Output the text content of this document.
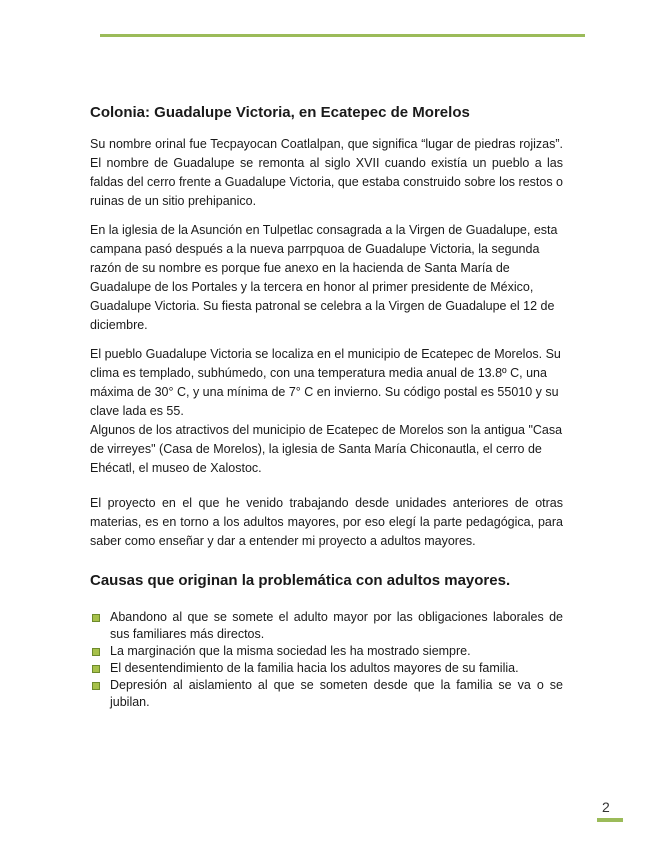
Colonia: Guadalupe Victoria, en Ecatepec de Morelos

Su nombre orinal fue Tecpayocan Coatlalpan, que significa “lugar de piedras rojizas”. El nombre de Guadalupe se remonta al siglo XVII cuando existía un pueblo a las faldas del cerro frente a Guadalupe Victoria, que estaba construido sobre los restos o ruinas de un sitio prehipanico.

En la iglesia de la Asunción en Tulpetlac consagrada a la Virgen de Guadalupe, esta campana pasó después a la nueva parrpquoa de Guadalupe Victoria, la segunda razón de su nombre es porque fue anexo en la hacienda de Santa María de Guadalupe de los Portales y la tercera en honor al primer presidente de México, Guadalupe Victoria. Su fiesta patronal se celebra a la Virgen de Guadalupe el 12 de diciembre.

El pueblo Guadalupe Victoria se localiza en el municipio de Ecatepec de Morelos. Su clima es templado, subhúmedo, con una temperatura media anual de 13.8º C, una máxima de 30° C, y una mínima de 7° C en invierno. Su código postal es 55010 y su clave lada es 55.

Algunos de los atractivos del municipio de Ecatepec de Morelos son la antigua "Casa de virreyes" (Casa de Morelos), la iglesia de Santa María Chiconautla, el cerro de Ehécatl, el museo de Xalostoc.

El proyecto en el que he venido trabajando desde unidades anteriores de otras materias, es en torno a los adultos mayores, por eso elegí la parte pedagógica, para saber como enseñar y dar a entender mi proyecto a adultos mayores.

Causas que originan la problemática con adultos mayores.
Abandono al que se somete el adulto mayor por las obligaciones laborales de sus familiares más directos.
La marginación que la misma sociedad les ha mostrado siempre.
El desentendimiento de la familia hacia los adultos mayores de su familia.
Depresión al aislamiento al que se someten desde que la familia se va o se jubilan.
2
